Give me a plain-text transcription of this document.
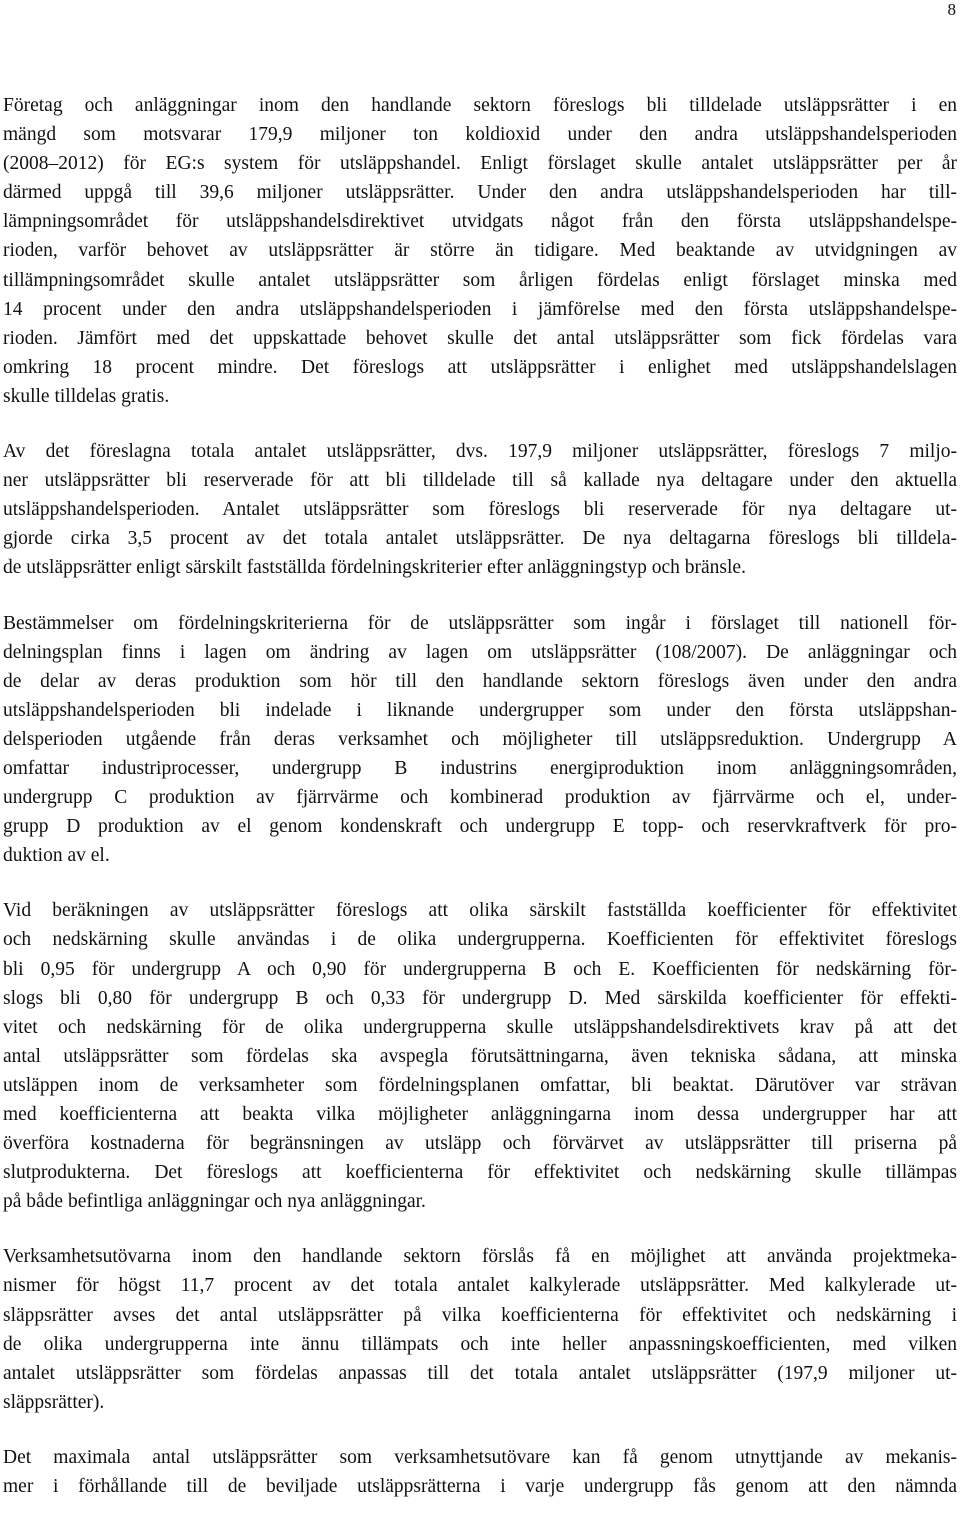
8
Företag och anläggningar inom den handlande sektorn föreslogs bli tilldelade utsläppsrätter i en
mängd som motsvarar 179,9 miljoner ton koldioxid under den andra utsläppshandelsperioden
(2008–2012) för EG:s system för utsläppshandel. Enligt förslaget skulle antalet utsläppsrätter per år
därmed uppgå till 39,6 miljoner utsläppsrätter. Under den andra utsläppshandelsperioden har till-
lämpningsområdet för utsläppshandelsdirektivet utvidgats något från den första utsläppshandelspe-
rioden, varför behovet av utsläppsrätter är större än tidigare. Med beaktande av utvidgningen av
tillämpningsområdet skulle antalet utsläppsrätter som årligen fördelas enligt förslaget minska med
14 procent under den andra utsläppshandelsperioden i jämförelse med den första utsläppshandelspe-
rioden. Jämfört med det uppskattade behovet skulle det antal utsläppsrätter som fick fördelas vara
omkring 18 procent mindre. Det föreslogs att utsläppsrätter i enlighet med utsläppshandelslagen
skulle tilldelas gratis.
Av det föreslagna totala antalet utsläppsrätter, dvs. 197,9 miljoner utsläppsrätter, föreslogs 7 miljo-
ner utsläppsrätter bli reserverade för att bli tilldelade till så kallade nya deltagare under den aktuella
utsläppshandelsperioden. Antalet utsläppsrätter som föreslogs bli reserverade för nya deltagare ut-
gjorde cirka 3,5 procent av det totala antalet utsläppsrätter. De nya deltagarna föreslogs bli tilldela-
de utsläppsrätter enligt särskilt fastställda fördelningskriterier efter anläggningstyp och bränsle.
Bestämmelser om fördelningskriterierna för de utsläppsrätter som ingår i förslaget till nationell för-
delningsplan finns i lagen om ändring av lagen om utsläppsrätter (108/2007). De anläggningar och
de delar av deras produktion som hör till den handlande sektorn föreslogs även under den andra
utsläppshandelsperioden bli indelade i liknande undergrupper som under den första utsläppshan-
delsperioden utgående från deras verksamhet och möjligheter till utsläppsreduktion. Undergrupp A
omfattar industriprocesser, undergrupp B industrins energiproduktion inom anläggningsområden,
undergrupp C produktion av fjärrvärme och kombinerad produktion av fjärrvärme och el, under-
grupp D produktion av el genom kondenskraft och undergrupp E topp- och reservkraftverk för pro-
duktion av el.
Vid beräkningen av utsläppsrätter föreslogs att olika särskilt fastställda koefficienter för effektivitet
och nedskärning skulle användas i de olika undergrupperna. Koefficienten för effektivitet föreslogs
bli 0,95 för undergrupp A och 0,90 för undergrupperna B och E. Koefficienten för nedskärning för-
slogs bli 0,80 för undergrupp B och 0,33 för undergrupp D. Med särskilda koefficienter för effekti-
vitet och nedskärning för de olika undergrupperna skulle utsläppshandelsdirektivets krav på att det
antal utsläppsrätter som fördelas ska avspegla förutsättningarna, även tekniska sådana, att minska
utsläppen inom de verksamheter som fördelningsplanen omfattar, bli beaktat. Därutöver var strävan
med koefficienterna att beakta vilka möjligheter anläggningarna inom dessa undergrupper har att
överföra kostnaderna för begränsningen av utsläpp och förvärvet av utsläppsrätter till priserna på
slutprodukterna. Det föreslogs att koefficienterna för effektivitet och nedskärning skulle tillämpas
på både befintliga anläggningar och nya anläggningar.
Verksamhetsutövarna inom den handlande sektorn förslås få en möjlighet att använda projektmeka-
nismer för högst 11,7 procent av det totala antalet kalkylerade utsläppsrätter. Med kalkylerade ut-
släppsrätter avses det antal utsläppsrätter på vilka koefficienterna för effektivitet och nedskärning i
de olika undergrupperna inte ännu tillämpats och inte heller anpassningskoefficienten, med vilken
antalet utsläppsrätter som fördelas anpassas till det totala antalet utsläppsrätter (197,9 miljoner ut-
släppsrätter).
Det maximala antal utsläppsrätter som verksamhetsutövare kan få genom utnyttjande av mekanis-
mer i förhållande till de beviljade utsläppsrätterna i varje undergrupp fås genom att den nämnda
